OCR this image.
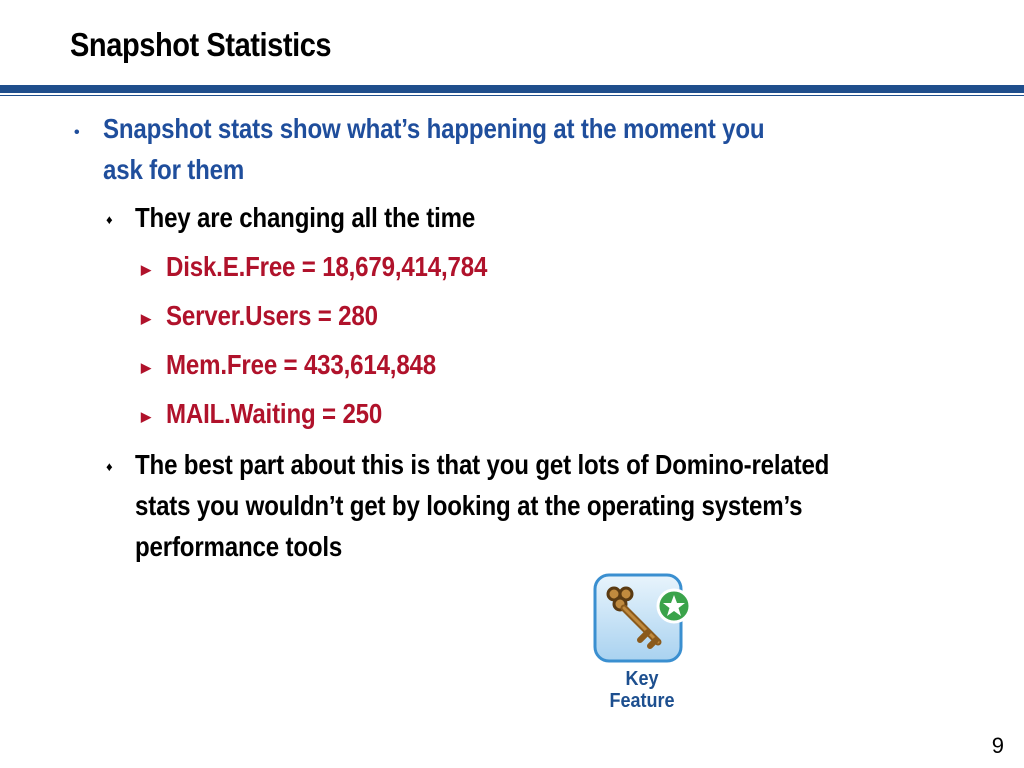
Snapshot Statistics
• Snapshot stats show what’s happening at the moment you
ask for them
♦ They are changing all the time
▶ Disk.E.Free = 18,679,414,784
▶ Server.Users = 280
▶ Mem.Free = 433,614,848
▶ MAIL.Waiting = 250
♦ The best part about this is that you get lots of Domino-related
stats you wouldn’t get by looking at the operating system’s
performance tools
Key
Feature
9
